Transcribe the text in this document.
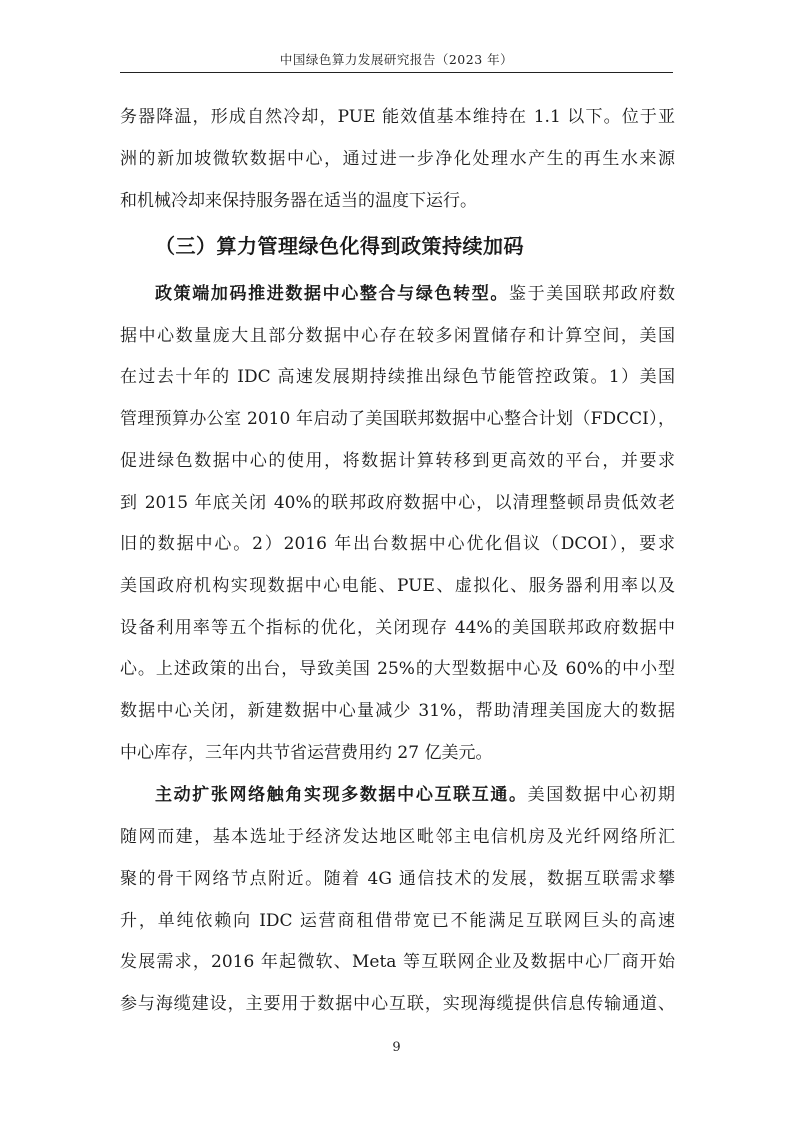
中国绿色算力发展研究报告（2023 年）
务器降温，形成自然冷却，PUE 能效值基本维持在 1.1 以下。位于亚
洲的新加坡微软数据中心，通过进一步净化处理水产生的再生水来源
和机械冷却来保持服务器在适当的温度下运行。
（三）算力管理绿色化得到政策持续加码
政策端加码推进数据中心整合与绿色转型。鉴于美国联邦政府数
据中心数量庞大且部分数据中心存在较多闲置储存和计算空间，美国
在过去十年的 IDC 高速发展期持续推出绿色节能管控政策。1）美国
管理预算办公室 2010 年启动了美国联邦数据中心整合计划（FDCCI），
促进绿色数据中心的使用，将数据计算转移到更高效的平台，并要求
到 2015 年底关闭 40%的联邦政府数据中心，以清理整顿昂贵低效老
旧的数据中心。2）2016 年出台数据中心优化倡议（DCOI），要求
美国政府机构实现数据中心电能、PUE、虚拟化、服务器利用率以及
设备利用率等五个指标的优化，关闭现存 44%的美国联邦政府数据中
心。上述政策的出台，导致美国 25%的大型数据中心及 60%的中小型
数据中心关闭，新建数据中心量减少 31%，帮助清理美国庞大的数据
中心库存，三年内共节省运营费用约 27 亿美元。
主动扩张网络触角实现多数据中心互联互通。美国数据中心初期
随网而建，基本选址于经济发达地区毗邻主电信机房及光纤网络所汇
聚的骨干网络节点附近。随着 4G 通信技术的发展，数据互联需求攀
升，单纯依赖向 IDC 运营商租借带宽已不能满足互联网巨头的高速
发展需求，2016 年起微软、Meta 等互联网企业及数据中心厂商开始
参与海缆建设，主要用于数据中心互联，实现海缆提供信息传输通道、
9
